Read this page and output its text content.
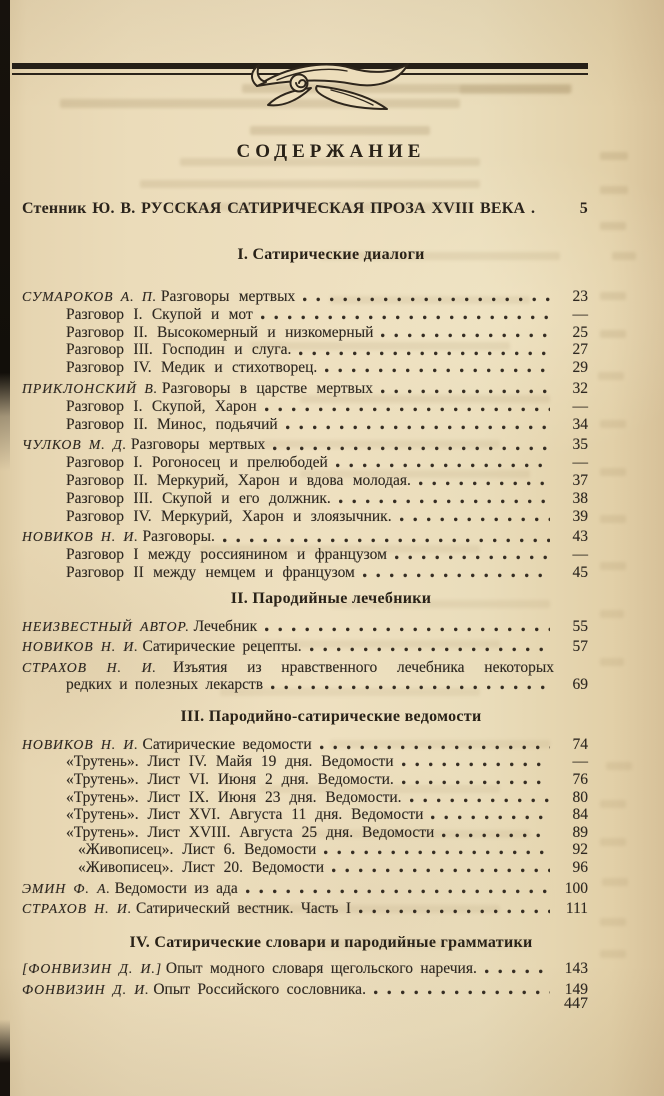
СОДЕРЖАНИЕ
Стенник Ю. В. РУССКАЯ САТИРИЧЕСКАЯ ПРОЗА XVIII ВЕКА .	5
I. Сатирические диалоги
СУМАРОКОВ А. П. Разговоры мертвых	23
Разговор I. Скупой и мот	—
Разговор II. Высокомерный и низкомерный	25
Разговор III. Господин и слуга.	27
Разговор IV. Медик и стихотворец.	29
ПРИКЛОНСКИЙ В. Разговоры в царстве мертвых	32
Разговор I. Скупой, Харон	—
Разговор II. Минос, подьячий	34
ЧУЛКОВ М. Д. Разговоры мертвых	35
Разговор I. Рогоносец и прелюбодей	—
Разговор II. Меркурий, Харон и вдова молодая.	37
Разговор III. Скупой и его должник.	38
Разговор IV. Меркурий, Харон и злоязычник.	39
НОВИКОВ Н. И. Разговоры.	43
Разговор I между россиянином и французом	—
Разговор II между немцем и французом	45
II. Пародийные лечебники
НЕИЗВЕСТНЫЙ АВТОР. Лечебник	55
НОВИКОВ Н. И. Сатирические рецепты.	57
СТРАХОВ Н. И. Изъятия из нравственного лечебника некоторых
редких и полезных лекарств	69
III. Пародийно-сатирические ведомости
НОВИКОВ Н. И. Сатирические ведомости	74
«Трутень». Лист IV. Майя 19 дня. Ведомости	—
«Трутень». Лист VI. Июня 2 дня. Ведомости.	76
«Трутень». Лист IX. Июня 23 дня. Ведомости.	80
«Трутень». Лист XVI. Августа 11 дня. Ведомости	84
«Трутень». Лист XVIII. Августа 25 дня. Ведомости	89
«Живописец». Лист 6. Ведомости	92
«Живописец». Лист 20. Ведомости	96
ЭМИН Ф. А. Ведомости из ада	100
СТРАХОВ Н. И. Сатирический вестник. Часть I	111
IV. Сатирические словари и пародийные грамматики
[ФОНВИЗИН Д. И.] Опыт модного словаря щегольского наречия.	143
ФОНВИЗИН Д. И. Опыт Российского сословника.	149
447
